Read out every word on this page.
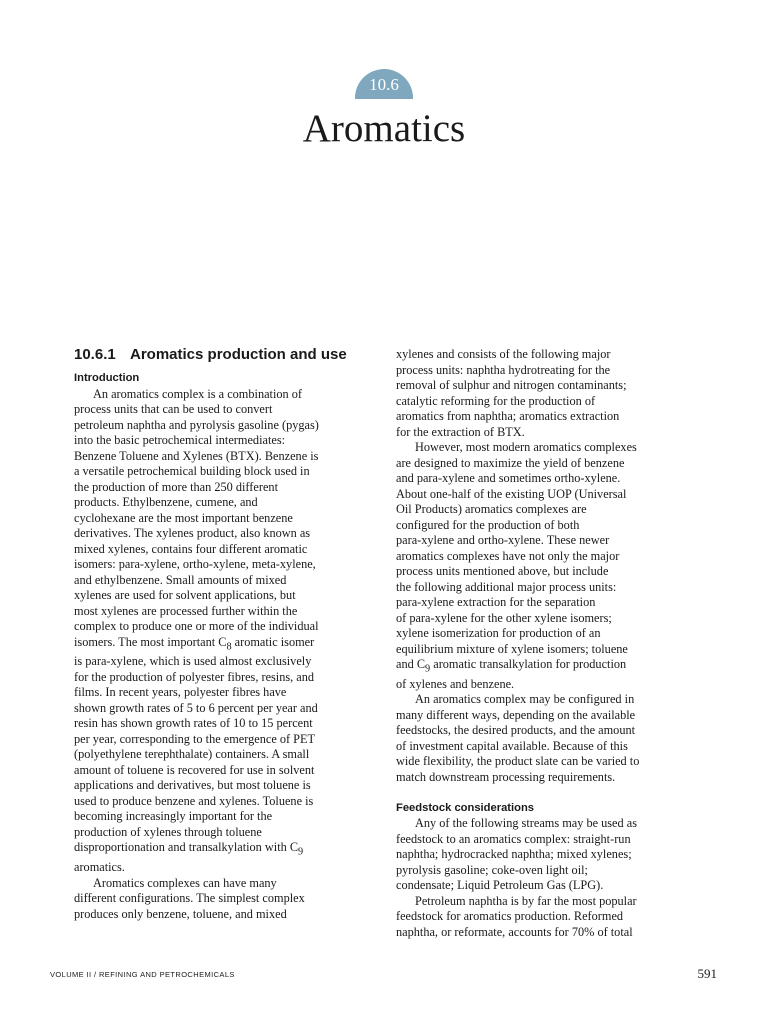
10.6
Aromatics
10.6.1 Aromatics production and use
Introduction

An aromatics complex is a combination of
process units that can be used to convert
petroleum naphtha and pyrolysis gasoline (pygas)
into the basic petrochemical intermediates:
Benzene Toluene and Xylenes (BTX). Benzene is
a versatile petrochemical building block used in
the production of more than 250 different
products. Ethylbenzene, cumene, and
cyclohexane are the most important benzene
derivatives. The xylenes product, also known as
mixed xylenes, contains four different aromatic
isomers: para-xylene, ortho-xylene, meta-xylene,
and ethylbenzene. Small amounts of mixed
xylenes are used for solvent applications, but
most xylenes are processed further within the
complex to produce one or more of the individual
isomers. The most important $C_8$ aromatic isomer
is para-xylene, which is used almost exclusively
for the production of polyester fibres, resins, and
films. In recent years, polyester fibres have
shown growth rates of 5 to 6 percent per year and
resin has shown growth rates of 10 to 15 percent
per year, corresponding to the emergence of PET
(polyethylene terephthalate) containers. A small
amount of toluene is recovered for use in solvent
applications and derivatives, but most toluene is
used to produce benzene and xylenes. Toluene is
becoming increasingly important for the
production of xylenes through toluene
disproportionation and transalkylation with $C_9$
aromatics.

Aromatics complexes can have many
different configurations. The simplest complex
produces only benzene, toluene, and mixed

xylenes and consists of the following major
process units: naphtha hydrotreating for the
removal of sulphur and nitrogen contaminants;
catalytic reforming for the production of
aromatics from naphtha; aromatics extraction
for the extraction of BTX.

However, most modern aromatics complexes
are designed to maximize the yield of benzene
and para-xylene and sometimes ortho-xylene.
About one-half of the existing UOP (Universal
Oil Products) aromatics complexes are
configured for the production of both
para-xylene and ortho-xylene. These newer
aromatics complexes have not only the major
process units mentioned above, but include
the following additional major process units:
para-xylene extraction for the separation
of para-xylene for the other xylene isomers;
xylene isomerization for production of an
equilibrium mixture of xylene isomers; toluene
and $C_9$ aromatic transalkylation for production
of xylenes and benzene.

An aromatics complex may be configured in
many different ways, depending on the available
feedstocks, the desired products, and the amount
of investment capital available. Because of this
wide flexibility, the product slate can be varied to
match downstream processing requirements.

Feedstock considerations

Any of the following streams may be used as
feedstock to an aromatics complex: straight-run
naphtha; hydrocracked naphtha; mixed xylenes;
pyrolysis gasoline; coke-oven light oil;
condensate; Liquid Petroleum Gas (LPG).

Petroleum naphtha is by far the most popular
feedstock for aromatics production. Reformed
naphtha, or reformate, accounts for 70% of total

VOLUME II / REFINING AND PETROCHEMICALS	591
